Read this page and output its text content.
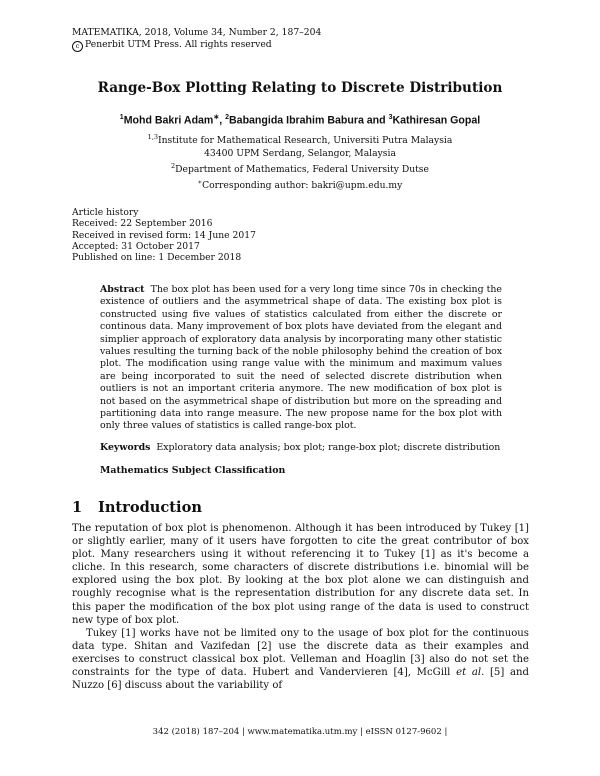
MATEMATIKA, 2018, Volume 34, Number 2, 187–204
c Penerbit UTM Press. All rights reserved
Range-Box Plotting Relating to Discrete Distribution
$^1$Mohd Bakri Adam∗, $^2$Babangida Ibrahim Babura and $^3$Kathiresan Gopal
$^{1,3}$Institute for Mathematical Research, Universiti Putra Malaysia
43400 UPM Serdang, Selangor, Malaysia
$^2$Department of Mathematics, Federal University Dutse
∗Corresponding author: bakri@upm.edu.my
Article history
Received: 22 September 2016
Received in revised form: 14 June 2017
Accepted: 31 October 2017
Published on line: 1 December 2018
Abstract The box plot has been used for a very long time since 70s in checking the existence of outliers and the asymmetrical shape of data. The existing box plot is constructed using five values of statistics calculated from either the discrete or continous data. Many improvement of box plots have deviated from the elegant and simplier approach of exploratory data analysis by incorporating many other statistic values resulting the turning back of the noble philosophy behind the creation of box plot. The modification using range value with the minimum and maximum values are being incorporated to suit the need of selected discrete distribution when outliers is not an important criteria anymore. The new modification of box plot is not based on the asymmetrical shape of distribution but more on the spreading and partitioning data into range measure. The new propose name for the box plot with only three values of statistics is called range-box plot.
Keywords Exploratory data analysis; box plot; range-box plot; discrete distribution
Mathematics Subject Classification
1 Introduction

The reputation of box plot is phenomenon. Although it has been introduced by Tukey [1] or slightly earlier, many of it users have forgotten to cite the great contributor of box plot. Many researchers using it without referencing it to Tukey [1] as it's become a cliche. In this research, some characters of discrete distributions i.e. binomial will be explored using the box plot. By looking at the box plot alone we can distinguish and roughly recognise what is the representation distribution for any discrete data set. In this paper the modification of the box plot using range of the data is used to construct new type of box plot.

Tukey [1] works have not be limited ony to the usage of box plot for the continuous data type. Shitan and Vazifedan [2] use the discrete data as their examples and exercises to construct classical box plot. Velleman and Hoaglin [3] also do not set the constraints for the type of data. Hubert and Vandervieren [4], McGill et al. [5] and Nuzzo [6] discuss about the variability of

342 (2018) 187–204 | www.matematika.utm.my | eISSN 0127-9602 |
